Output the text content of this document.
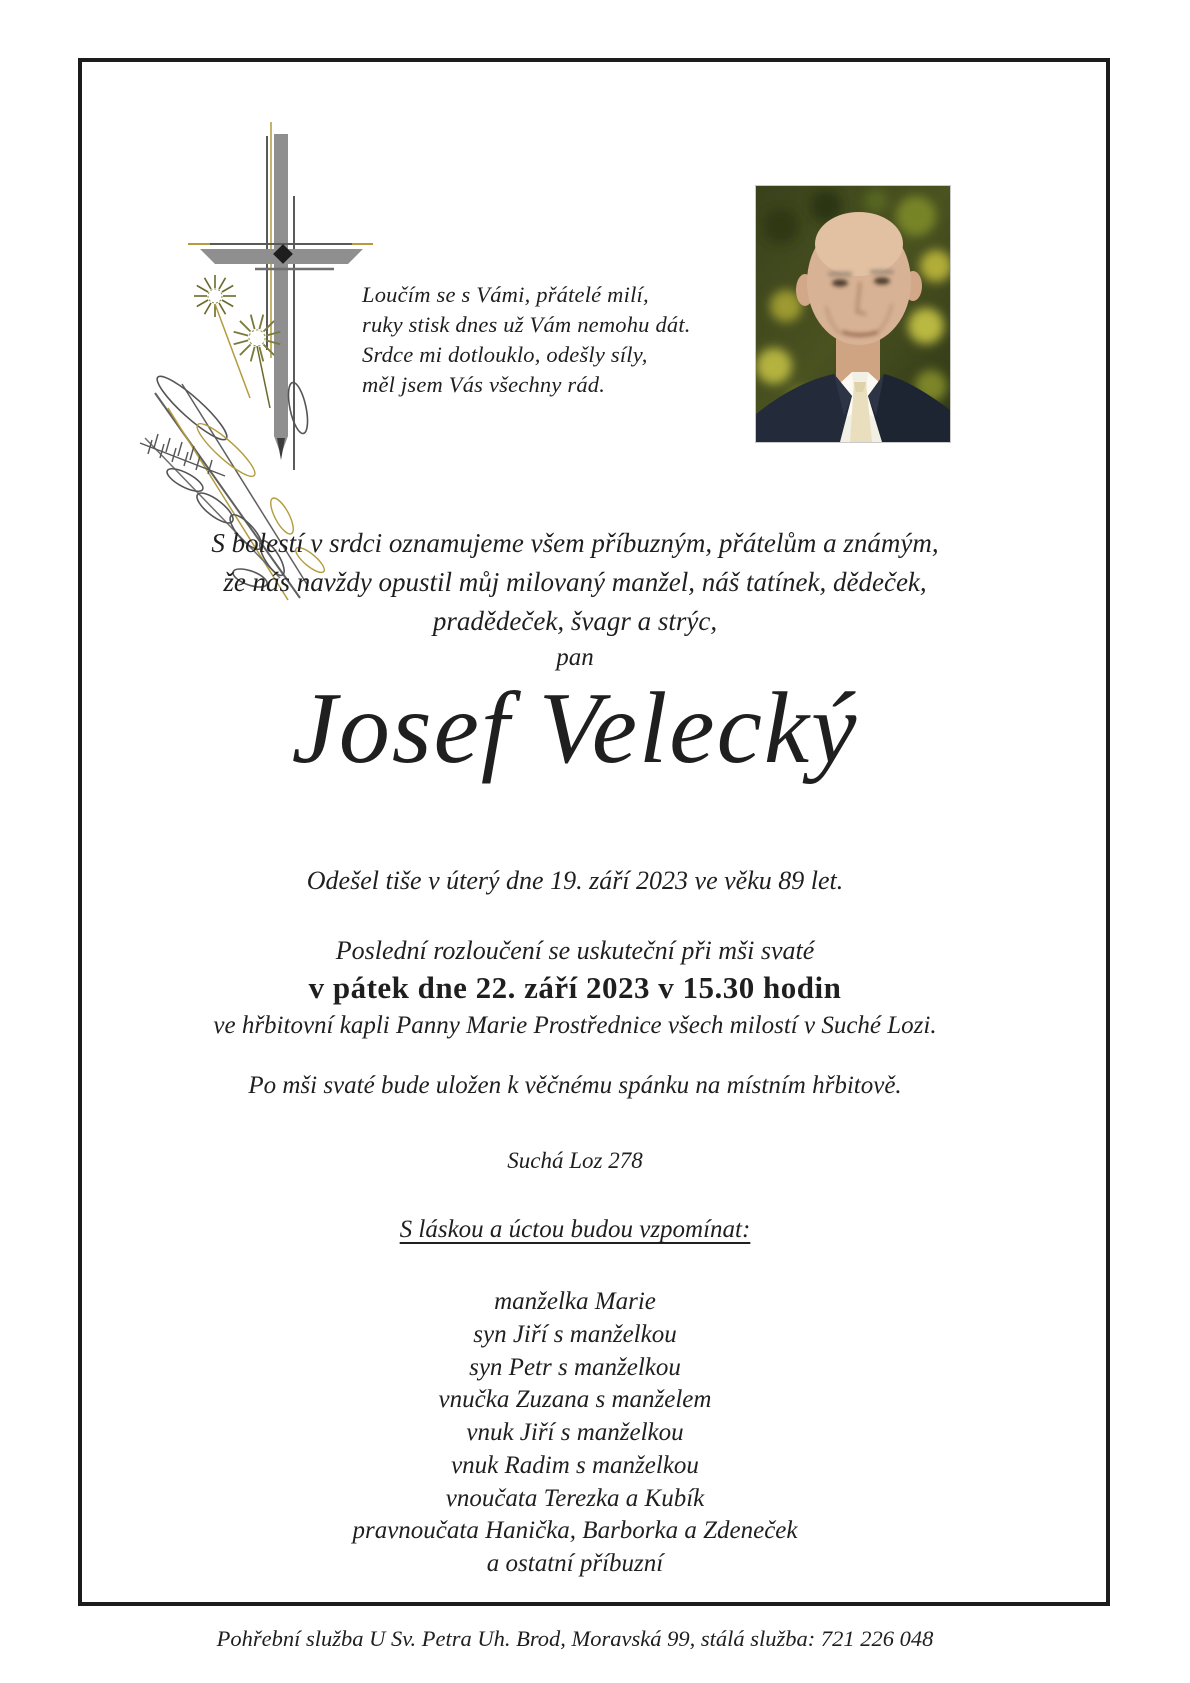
Loučím se s Vámi, přátelé milí,
ruky stisk dnes už Vám nemohu dát.
Srdce mi dotlouklo, odešly síly,
měl jsem Vás všechny rád.
S bolestí v srdci oznamujeme všem příbuzným, přátelům a známým,
že nás navždy opustil můj milovaný manžel, náš tatínek, dědeček,
pradědeček, švagr a strýc,
pan
Josef Velecký
Odešel tiše v úterý dne 19. září 2023 ve věku 89 let.
Poslední rozloučení se uskuteční při mši svaté
v pátek dne 22. září 2023 v 15.30 hodin
ve hřbitovní kapli Panny Marie Prostřednice všech milostí v Suché Lozi.
Po mši svaté bude uložen k věčnému spánku na místním hřbitově.
Suchá Loz 278
S láskou a úctou budou vzpomínat:
manželka Marie
syn Jiří s manželkou
syn Petr s manželkou
vnučka Zuzana s manželem
vnuk Jiří s manželkou
vnuk Radim s manželkou
vnoučata Terezka a Kubík
pravnoučata Hanička, Barborka a Zdeneček
a ostatní příbuzní
Pohřební služba U Sv. Petra Uh. Brod, Moravská 99, stálá služba: 721 226 048
